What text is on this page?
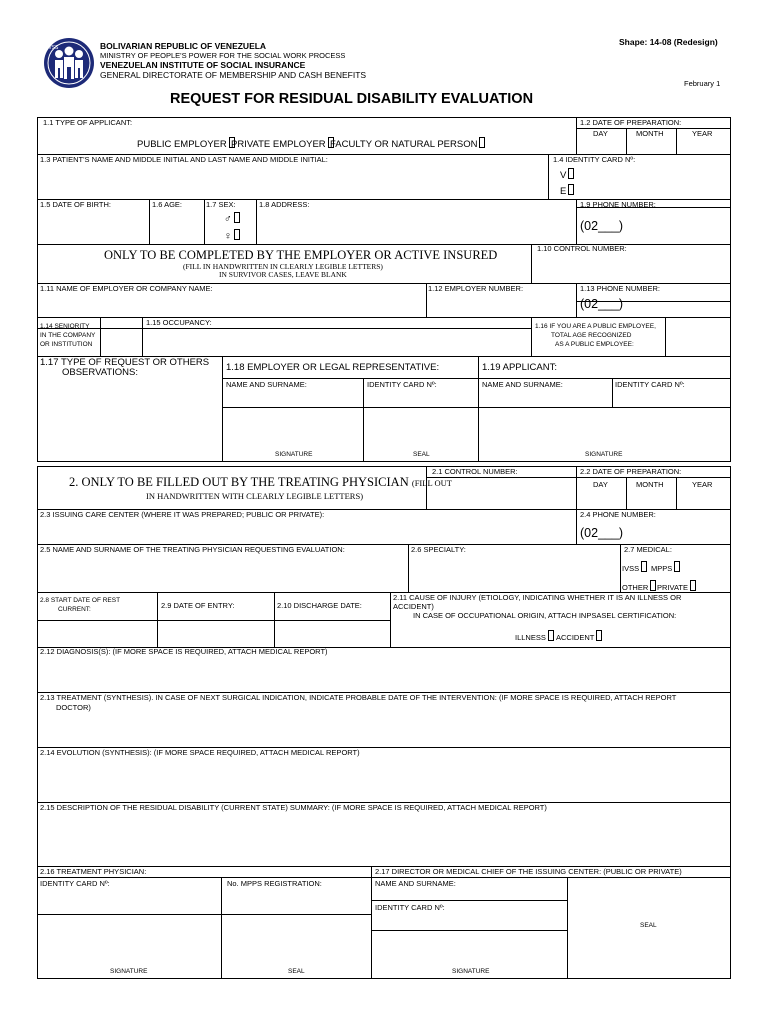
IVSS	BOLIVARIAN REPUBLIC OF VENEZUELA
MINISTRY OF PEOPLE'S POWER FOR THE SOCIAL WORK PROCESS
VENEZUELAN INSTITUTE OF SOCIAL INSURANCE
GENERAL DIRECTORATE OF MEMBERSHIP AND CASH BENEFITS
Shape: 14-08 (Redesign)
February 1
REQUEST FOR RESIDUAL DISABILITY EVALUATION
1.1 TYPE OF APPLICANT:
PUBLIC EMPLOYER PRIVATE EMPLOYER FACULTY OR NATURAL PERSON
1.2 DATE OF PREPARATION:
DAY	MONTH	YEAR
1.3 PATIENT'S NAME AND MIDDLE INITIAL AND LAST NAME AND MIDDLE INITIAL:	1.4 IDENTITY CARD Nº:
V
E
1.5 DATE OF BIRTH:	1.6 AGE:	1.7 SEX:
♂
♀
1.8 ADDRESS:	1.9 PHONE NUMBER:
(02___)
ONLY TO BE COMPLETED BY THE EMPLOYER OR ACTIVE INSURED
(FILL IN HANDWRITTEN IN CLEARLY LEGIBLE LETTERS)
IN SURVIVOR CASES, LEAVE BLANK
1.10 CONTROL NUMBER:
1.11 NAME OF EMPLOYER OR COMPANY NAME:	1.12 EMPLOYER NUMBER:	1.13 PHONE NUMBER:
(02___)
1.14 SENIORITY
IN THE COMPANY
OR INSTITUTION
1.15 OCCUPANCY:	1.16 IF YOU ARE A PUBLIC EMPLOYEE,
TOTAL AGE RECOGNIZED
AS A PUBLIC EMPLOYEE:
1.17 TYPE OF REQUEST OR OTHERS
OBSERVATIONS:	1.18 EMPLOYER OR LEGAL REPRESENTATIVE:	1.19 APPLICANT:
NAME AND SURNAME:	IDENTITY CARD Nº:	NAME AND SURNAME:	IDENTITY CARD Nº:
SIGNATURE	SEAL	SIGNATURE
2. ONLY TO BE FILLED OUT BY THE TREATING PHYSICIAN (FILL OUT
IN HANDWRITTEN WITH CLEARLY LEGIBLE LETTERS)
2.1 CONTROL NUMBER:	2.2 DATE OF PREPARATION:
DAY	MONTH	YEAR
2.3 ISSUING CARE CENTER (WHERE IT WAS PREPARED; PUBLIC OR PRIVATE):	2.4 PHONE NUMBER:
(02___)
2.5 NAME AND SURNAME OF THE TREATING PHYSICIAN REQUESTING EVALUATION:	2.6 SPECIALTY:	2.7 MEDICAL:
IVSS	MPPS
OTHER	PRIVATE
2.8 START DATE OF REST
CURRENT:	2.9 DATE OF ENTRY:	2.10 DISCHARGE DATE:
2.11 CAUSE OF INJURY (ETIOLOGY, INDICATING WHETHER IT IS AN ILLNESS OR
ACCIDENT)
IN CASE OF OCCUPATIONAL ORIGIN, ATTACH INPSASEL CERTIFICATION:
ILLNESS	ACCIDENT
2.12 DIAGNOSIS(S): (IF MORE SPACE IS REQUIRED, ATTACH MEDICAL REPORT)
2.13 TREATMENT (SYNTHESIS). IN CASE OF NEXT SURGICAL INDICATION, INDICATE PROBABLE DATE OF THE INTERVENTION: (IF MORE SPACE IS REQUIRED, ATTACH REPORT
DOCTOR)
2.14 EVOLUTION (SYNTHESIS): (IF MORE SPACE REQUIRED, ATTACH MEDICAL REPORT)
2.15 DESCRIPTION OF THE RESIDUAL DISABILITY (CURRENT STATE) SUMMARY: (IF MORE SPACE IS REQUIRED, ATTACH MEDICAL REPORT)
2.16 TREATMENT PHYSICIAN:	2.17 DIRECTOR OR MEDICAL CHIEF OF THE ISSUING CENTER: (PUBLIC OR PRIVATE)
IDENTITY CARD Nº:	No. MPPS REGISTRATION:	NAME AND SURNAME:
IDENTITY CARD Nº:
SEAL
SIGNATURE	SEAL	SIGNATURE
